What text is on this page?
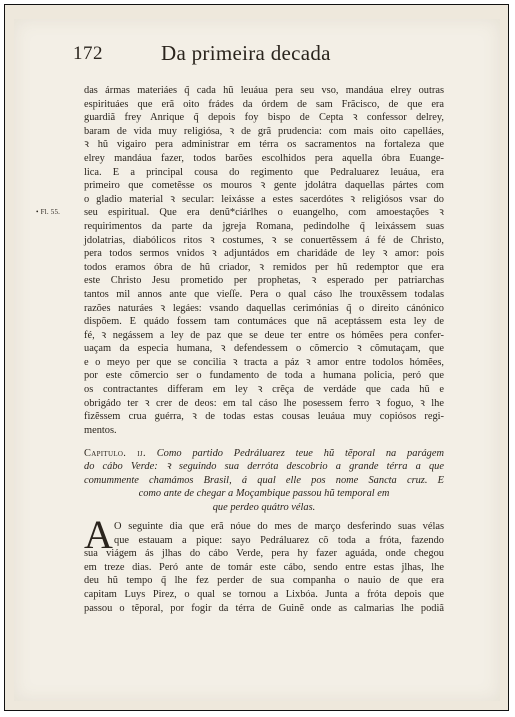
172	Da primeira decada
• Fl. 55.
das ármas materiáes q̃ cada hũ leuáua pera seu vso, mandáua elrey outras
espirituáes que erã oito frádes da órdem de sam Frãcisco, de que era
guardiã frey Anrique q̃ depois foy bispo de Cepta ꝛ confessor delrey,
baram de vida muy religiósa, ꝛ de grã prudencia: com mais oito capelláes,
ꝛ hũ vigairo pera administrar em térra os sacramentos na fortaleza que
elrey mandáua fazer, todos barões escolhidos pera aquella óbra Euange-
lica. E a principal cousa do regimento que Pedraluarez leuáua, era
primeiro que cometẽsse os mouros ꝛ gente jdolátra daquellas pártes com
o gladio material ꝛ secular: leixásse a estes sacerdótes ꝛ religiósos vsar do
seu espiritual. Que era denũ*ciárlhes o euangelho, com amoestações ꝛ
requirimentos da parte da jgreja Romana, pedindolhe q̃ leixássem suas
jdolatrias, diabólicos ritos ꝛ costumes, ꝛ se conuertẽssem á fé de Christo,
pera todos sermos vnidos ꝛ adjuntádos em charidáde de ley ꝛ amor: pois
todos eramos óbra de hũ criador, ꝛ remidos per hũ redemptor que era
este Christo Jesu prometido per prophetas, ꝛ esperado per patriarchas
tantos mil annos ante que vieſſe. Pera o qual cáso lhe trouxẽssem todalas
razões naturáes ꝛ legáes: vsando daquellas cerimónias q̃ o direito cánónico
dispõem. E quádo fossem tam contumáces que nã aceptássem esta ley de
fé, ꝛ negássem a ley de paz que se deue ter entre os hómẽes pera confer-
uaçam da especia humana, ꝛ defendessem o cõmercio ꝛ cõmutaçam, que
e o meyo per que se concilia ꝛ tracta a páz ꝛ amor entre todolos hómẽes,
por este cõmercio ser o fundamento de toda a humana policia, peró que
os contractantes differam em ley ꝛ crẽça de verdáde que cada hũ e
obrigádo ter ꝛ crer de deos: em tal cáso lhe posessem ferro ꝛ foguo, ꝛ lhe
fizẽssem crua guérra, ꝛ de todas estas cousas leuáua muy copiósos regi-
mentos.
Capitulo. ij. Como partido Pedráluarez teue hũ tẽporal na parágem
do cábo Verde: ꝛ seguindo sua derróta descobrio a grande térra a que
comummente chamámos Brasil, á qual elle pos nome Sancta cruz. E
como ante de chegar a Moçambique passou hũ temporal em
que perdeo quátro vélas.
A O seguinte dia que erã nóue do mes de março desferindo suas vélas
que estauam a pique: sayo Pedráluarez cõ toda a fróta, fazendo
sua viágem ás jlhas do cábo Verde, pera hy fazer aguáda, onde chegou
em treze dias. Peró ante de tomár este cábo, sendo entre estas jlhas, lhe
deu hũ tempo q̃ lhe fez perder de sua companha o nauio de que era
capitam Luys Pirez, o qual se tornou a Lixbóa. Junta a fróta depois que
passou o tẽporal, por fogir da térra de Guinẽ onde as calmarias lhe podiã
